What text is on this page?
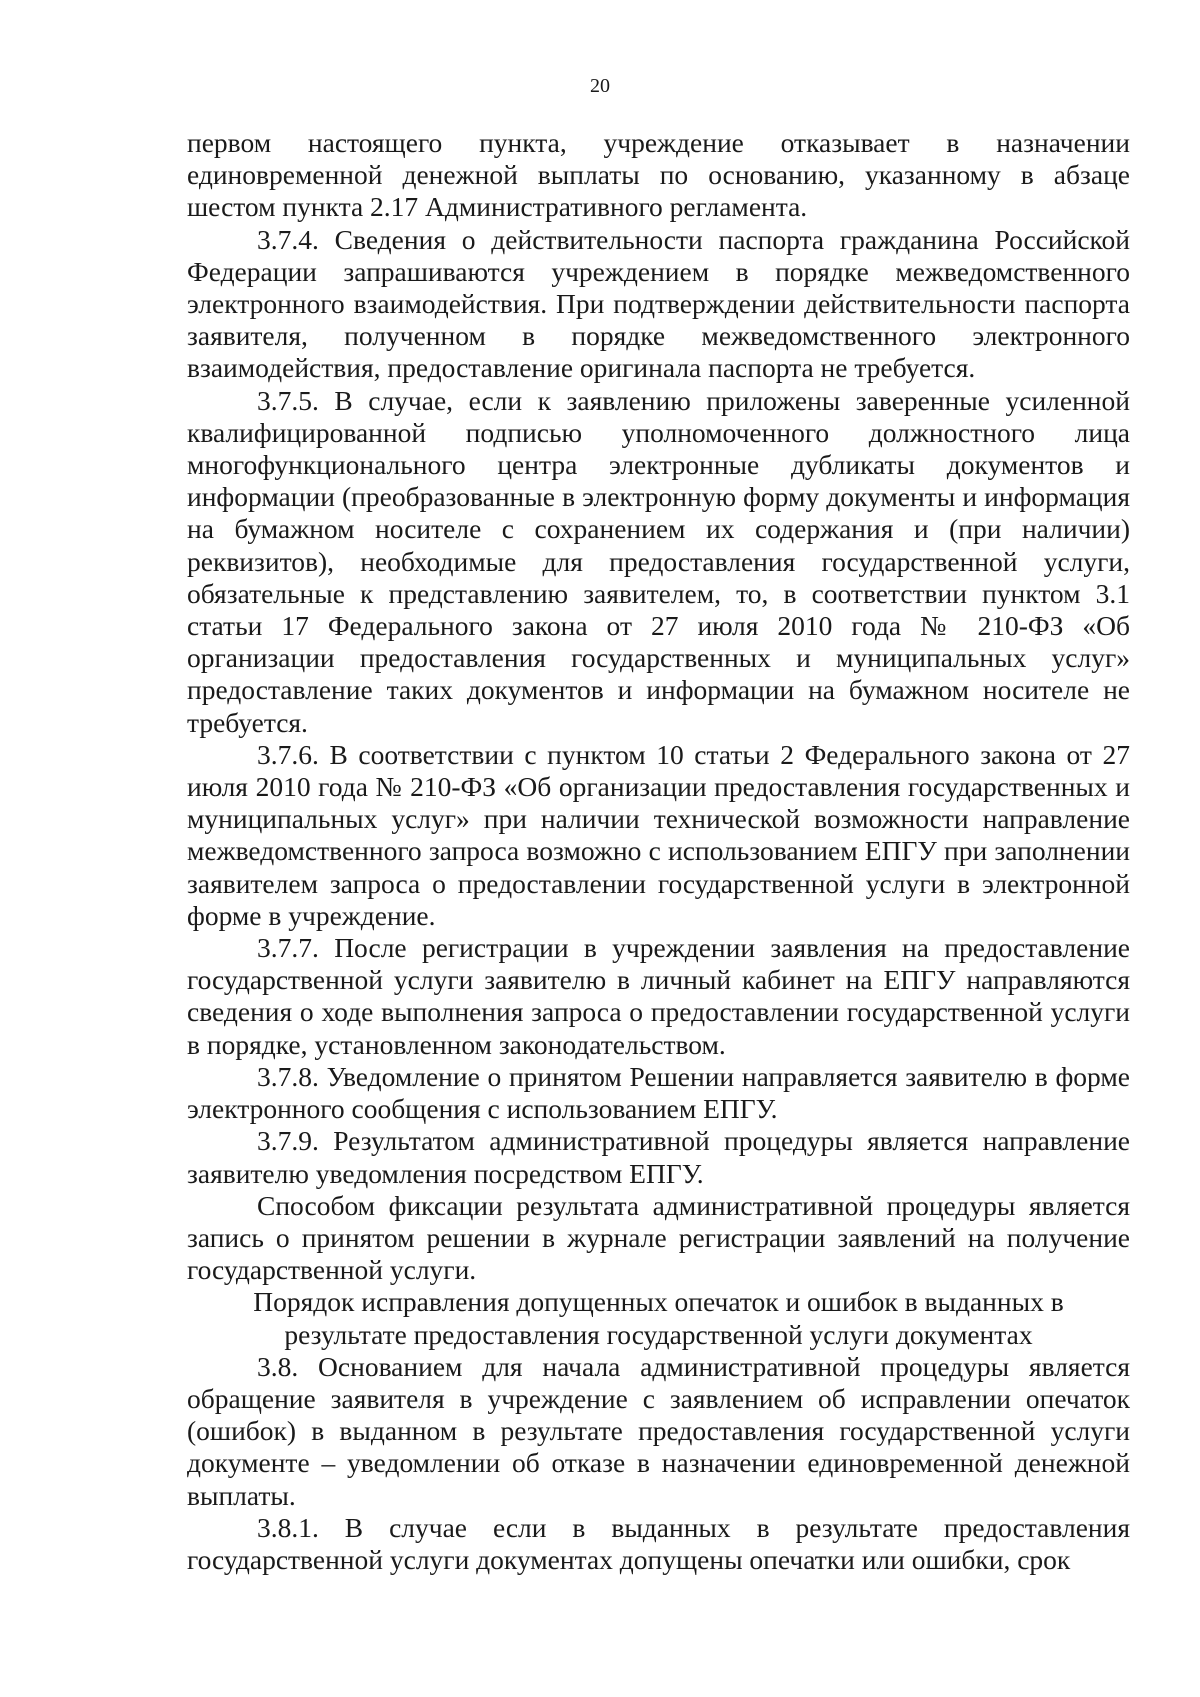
20

первом настоящего пункта, учреждение отказывает в назначении единовременной денежной выплаты по основанию, указанному в абзаце шестом пункта 2.17 Административного регламента.

3.7.4. Сведения о действительности паспорта гражданина Российской Федерации запрашиваются учреждением в порядке межведомственного электронного взаимодействия. При подтверждении действительности паспорта заявителя, полученном в порядке межведомственного электронного взаимодействия, предоставление оригинала паспорта не требуется.

3.7.5. В случае, если к заявлению приложены заверенные усиленной квалифицированной подписью уполномоченного должностного лица многофункционального центра электронные дубликаты документов и информации (преобразованные в электронную форму документы и информация на бумажном носителе с сохранением их содержания и (при наличии) реквизитов), необходимые для предоставления государственной услуги, обязательные к представлению заявителем, то, в соответствии пунктом 3.1 статьи 17 Федерального закона от 27 июля 2010 года № 210-ФЗ «Об организации предоставления государственных и муниципальных услуг» предоставление таких документов и информации на бумажном носителе не требуется.

3.7.6. В соответствии с пунктом 10 статьи 2 Федерального закона от 27 июля 2010 года № 210-ФЗ «Об организации предоставления государственных и муниципальных услуг» при наличии технической возможности направление межведомственного запроса возможно с использованием ЕПГУ при заполнении заявителем запроса о предоставлении государственной услуги в электронной форме в учреждение.

3.7.7. После регистрации в учреждении заявления на предоставление государственной услуги заявителю в личный кабинет на ЕПГУ направляются сведения о ходе выполнения запроса о предоставлении государственной услуги в порядке, установленном законодательством.

3.7.8. Уведомление о принятом Решении направляется заявителю в форме электронного сообщения с использованием ЕПГУ.

3.7.9. Результатом административной процедуры является направление заявителю уведомления посредством ЕПГУ.

Способом фиксации результата административной процедуры является запись о принятом решении в журнале регистрации заявлений на получение государственной услуги.

Порядок исправления допущенных опечаток и ошибок в выданных в
результате предоставления государственной услуги документах

3.8. Основанием для начала административной процедуры является обращение заявителя в учреждение с заявлением об исправлении опечаток (ошибок) в выданном в результате предоставления государственной услуги документе – уведомлении об отказе в назначении единовременной денежной выплаты.

3.8.1. В случае если в выданных в результате предоставления государственной услуги документах допущены опечатки или ошибки, срок
